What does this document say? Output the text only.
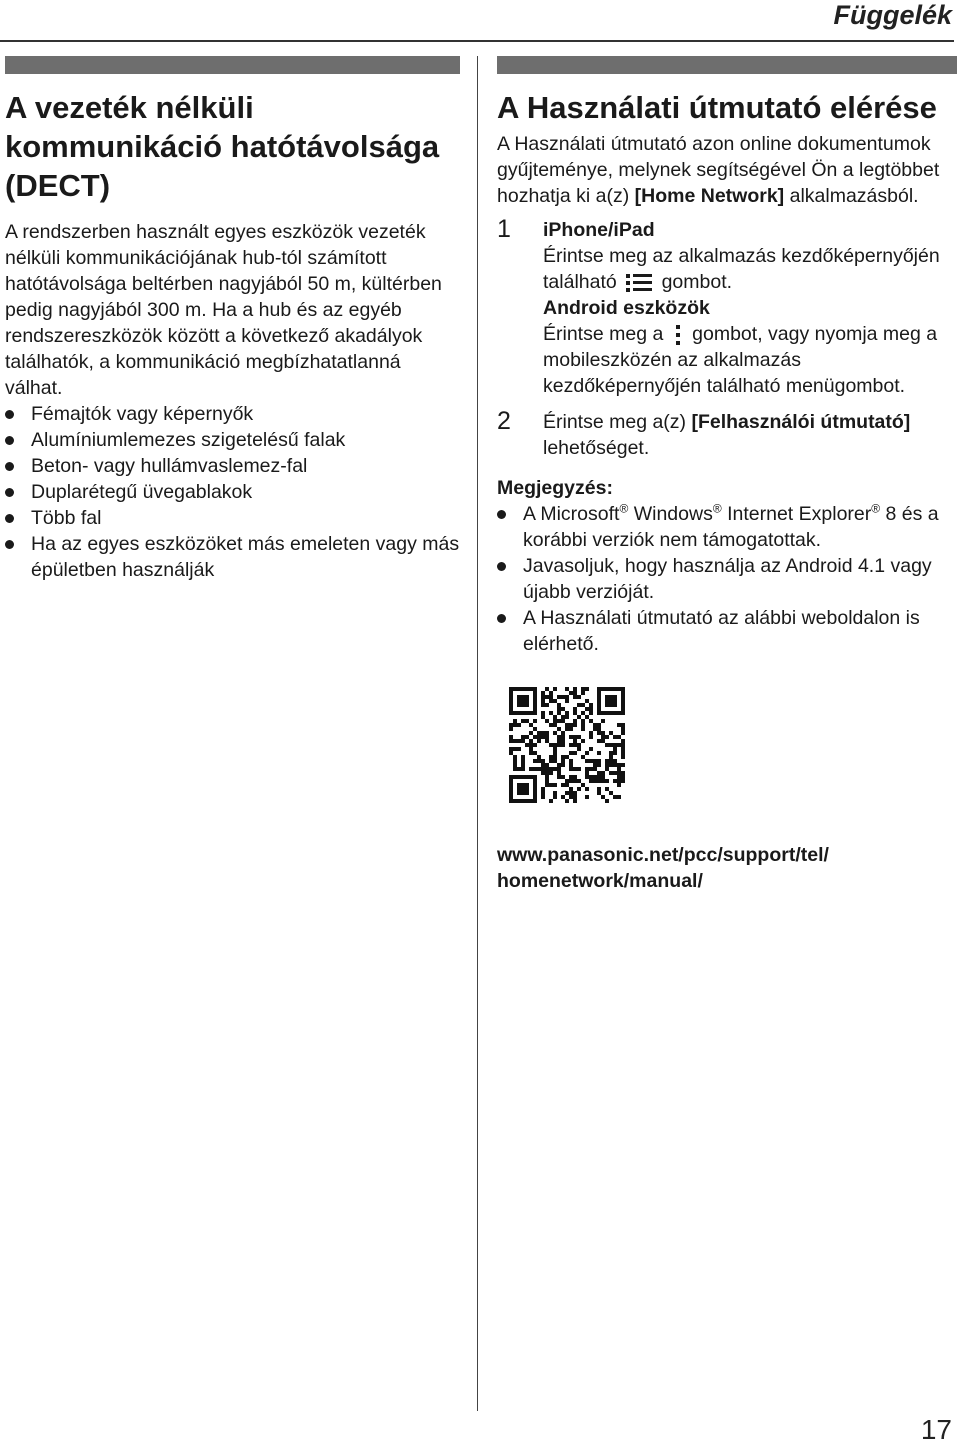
Függelék
A vezeték nélküli
kommunikáció hatótávolsága
(DECT)

A rendszerben használt egyes eszközök vezeték nélküli kommunikációjának hub-tól számított hatótávolsága beltérben nagyjából 50 m, kültérben pedig nagyjából 300 m. Ha a hub és az egyéb rendszereszközök között a következő akadályok találhatók, a kommunikáció megbízhatatlanná válhat.

Fémajtók vagy képernyők
Alumíniumlemezes szigetelésű falak
Beton- vagy hullámvaslemez-fal
Duplarétegű üvegablakok
Több fal
Ha az egyes eszközöket más emeleten vagy más épületben használják
A Használati útmutató elérése

A Használati útmutató azon online dokumentumok gyűjteménye, melynek segítségével Ön a legtöbbet hozhatja ki a(z) [Home Network] alkalmazásból.

1 iPhone/iPad
Érintse meg az alkalmazás kezdőképernyőjén található
gombot.
Android eszközök
Érintse meg a
gombot, vagy nyomja meg a mobileszközén az alkalmazás kezdőképernyőjén található menügombot.
2 Érintse meg a(z) [Felhasználói útmutató] lehetőséget.
Megjegyzés:
A Microsoft® Windows® Internet Explorer® 8 és a korábbi verziók nem támogatottak.
Javasoljuk, hogy használja az Android 4.1 vagy újabb verzióját.
A Használati útmutató az alábbi weboldalon is elérhető.
www.panasonic.net/pcc/support/tel/
homenetwork/manual/
17
